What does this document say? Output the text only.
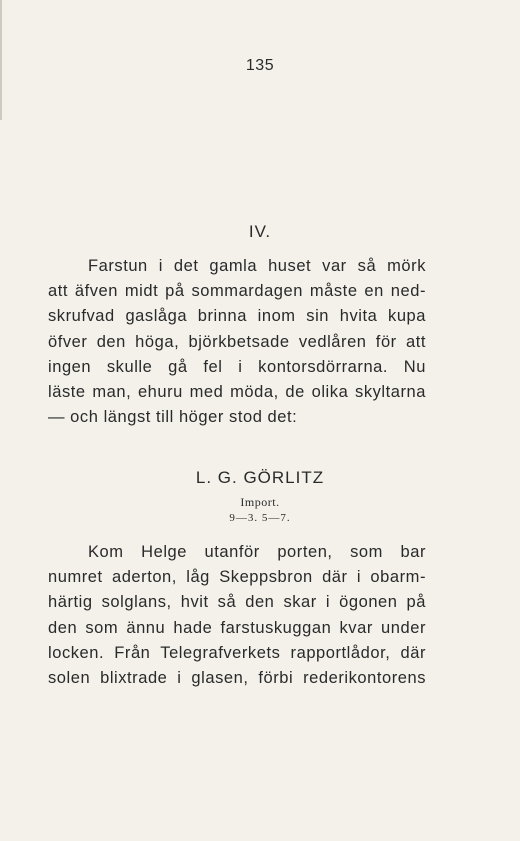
135
IV.
Farstun i det gamla huset var så mörk
att äfven midt på sommardagen måste en ned-
skrufvad gaslåga brinna inom sin hvita kupa
öfver den höga, björkbetsade vedlåren för att
ingen skulle gå fel i kontorsdörrarna. Nu
läste man, ehuru med möda, de olika skyltarna
— och längst till höger stod det:
L. G. GÖRLITZ
Import.
9—3. 5—7.
Kom Helge utanför porten, som bar
numret aderton, låg Skeppsbron där i obarm-
härtig solglans, hvit så den skar i ögonen på
den som ännu hade farstuskuggan kvar under
locken. Från Telegrafverkets rapportlådor, där
solen blixtrade i glasen, förbi rederikontorens
